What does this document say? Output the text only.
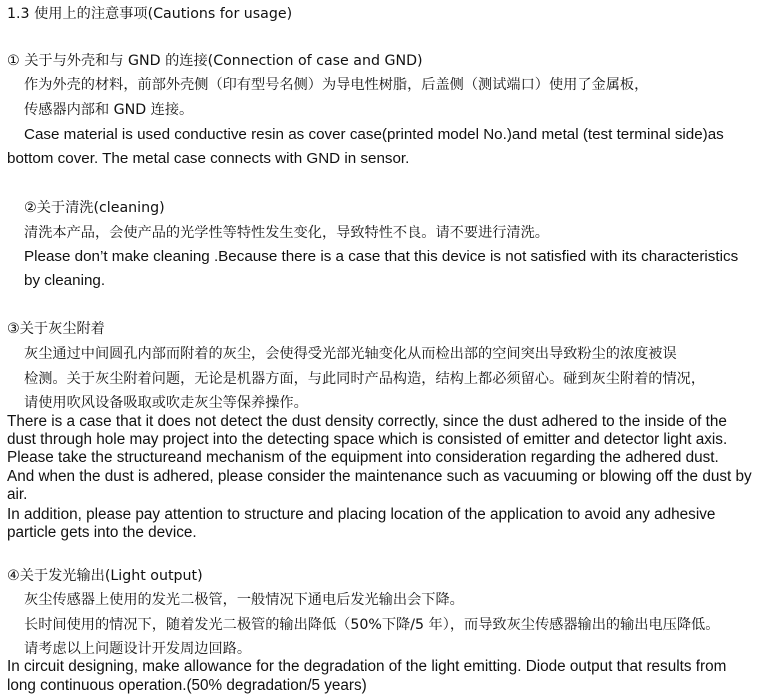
1.3 使用上的注意事项(Cautions for usage)
① 关于与外壳和与 GND 的连接(Connection of case and GND)
作为外壳的材料，前部外壳侧（印有型号名侧）为导电性树脂，后盖侧（测试端口）使用了金属板，
传感器内部和 GND 连接。
Case material is used conductive resin as cover case(printed model No.)and metal (test terminal side)as
bottom cover. The metal case connects with GND in sensor.
②关于清洗(cleaning)
清洗本产品，会使产品的光学性等特性发生变化，导致特性不良。请不要进行清洗。
Please don’t make cleaning .Because there is a case that this device is not satisfied with its characteristics
by cleaning.
③关于灰尘附着
灰尘通过中间圆孔内部而附着的灰尘，会使得受光部光轴变化从而检出部的空间突出导致粉尘的浓度被误
检测。关于灰尘附着问题，无论是机器方面，与此同时产品构造，结构上都必须留心。碰到灰尘附着的情况，
请使用吹风设备吸取或吹走灰尘等保养操作。
There is a case that it does not detect the dust density correctly, since the dust adhered to the inside of the
dust through hole may project into the detecting space which is consisted of emitter and detector light axis.
Please take the structureand mechanism of the equipment into consideration regarding the adhered dust.
And when the dust is adhered, please consider the maintenance such as vacuuming or blowing off the dust by
air.
In addition, please pay attention to structure and placing location of the application to avoid any adhesive
particle gets into the device.
④关于发光输出(Light output)
灰尘传感器上使用的发光二极管，一般情况下通电后发光输出会下降。
长时间使用的情况下，随着发光二极管的输出降低（50%下降/5 年），而导致灰尘传感器输出的输出电压降低。
请考虑以上问题设计开发周边回路。
In circuit designing, make allowance for the degradation of the light emitting. Diode output that results from
long continuous operation.(50% degradation/5 years)
